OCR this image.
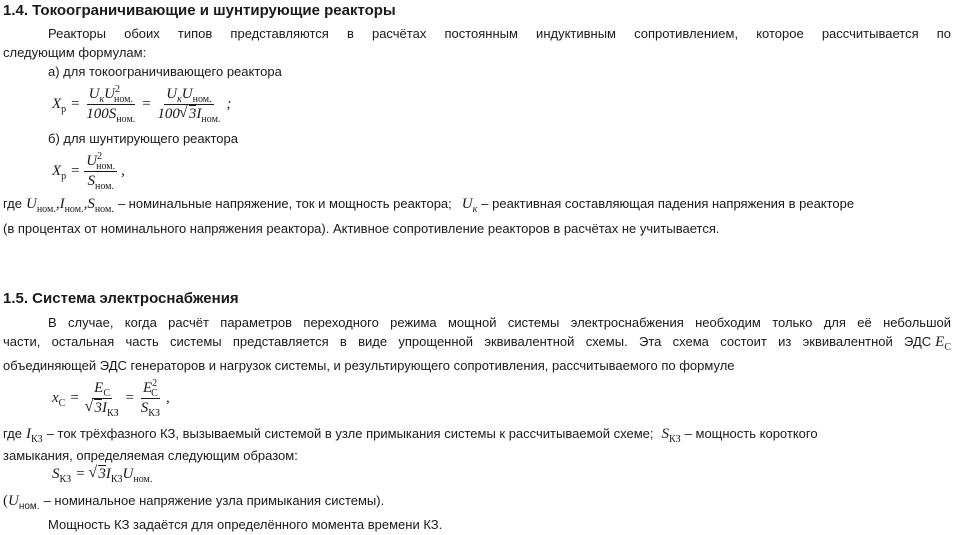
1.4. Токоограничивающие и шунтирующие реакторы
Реакторы обоих типов представляются в расчётах постоянным индуктивным сопротивлением, которое рассчитывается по
следующим формулам:
а) для токоограничивающего реактора
$X_р = \frac{U_кU^2_{ном.}}{100S_{ном.}} = \frac{U_кU_{ном.}}{100 √ 3I_{ном.}}$ ;
б) для шунтирующего реактора
$X_р = \frac{U^2_{ном.}}{S_{ном.}}$ ,
где $U_{ном.},I_{ном.},S_{ном.}$ – номинальные напряжение, ток и мощность реактора; $U_к$ – реактивная составляющая падения напряжения в реакторе
(в процентах от номинального напряжения реактора). Активное сопротивление реакторов в расчётах не учитывается.
1.5. Система электроснабжения
В случае, когда расчёт параметров переходного режима мощной системы электроснабжения необходим только для её небольшой
части, остальная часть системы представляется в виде упрощенной эквивалентной схемы. Эта схема состоит из эквивалентной ЭДС $E_С$
объединяющей ЭДС генераторов и нагрузок системы, и результирующего сопротивления, рассчитываемого по формуле
$x_С = E_С$
√ $3I_{КЗ} = \frac{E^2_С}{S_{КЗ}}$ ,
где $I_{КЗ}$ – ток трёхфазного КЗ, вызываемый системой в узле примыкания системы к рассчитываемой схеме; $S_{КЗ}$ – мощность короткого
замыкания, определяемая следующим образом:
$S_{КЗ}$ = √ $3I_{КЗ}U_{ном.}$
($U_{ном.}$ – номинальное напряжение узла примыкания системы).
Мощность КЗ задаётся для определённого момента времени КЗ.
